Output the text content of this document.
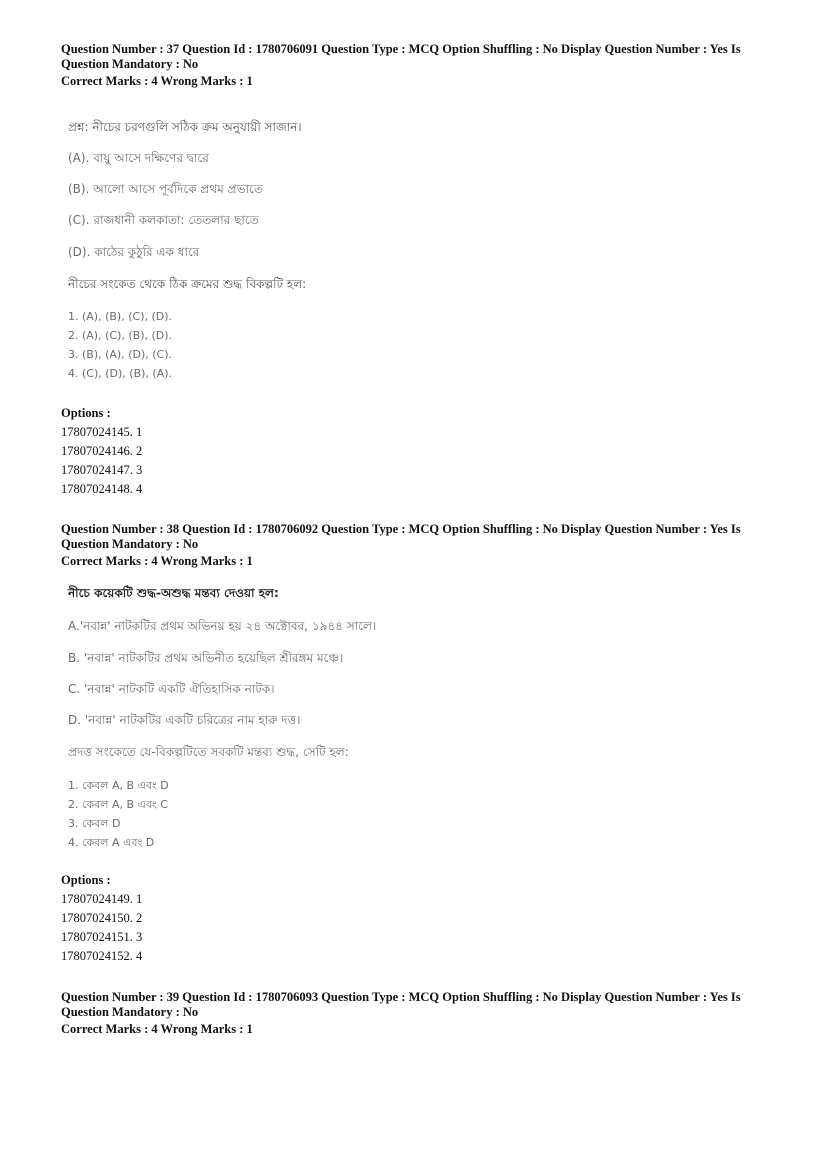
Question Number : 37 Question Id : 1780706091 Question Type : MCQ Option Shuffling : No Display Question Number : Yes Is
Question Mandatory : No
Correct Marks : 4 Wrong Marks : 1
প্রশ্ন: নীচের চরণগুলি সঠিক ক্রম অনুযায়ী সাজান।
(A). বায়ু আসে দক্ষিণের দ্বারে
(B). আলো আসে পূর্বদিকে প্রথম প্রভাতে
(C). রাজধানী কলকাতা: তেতলার ছাতে
(D). কাঠের কুঠুরি এক ধারে
নীচের সংকেত থেকে ঠিক ক্রমের শুদ্ধ বিকল্পটি হল:
1. (A), (B), (C), (D).
2. (A), (C), (B), (D).
3. (B), (A), (D), (C).
4. (C), (D), (B), (A).
Options :
17807024145. 1
17807024146. 2
17807024147. 3
17807024148. 4
Question Number : 38 Question Id : 1780706092 Question Type : MCQ Option Shuffling : No Display Question Number : Yes Is
Question Mandatory : No
Correct Marks : 4 Wrong Marks : 1
নীচে কয়েকটি শুদ্ধ-অশুদ্ধ মন্তব্য দেওয়া হল:
A.'নবান্ন' নাটকটির প্রথম অভিনয় হয় ২৪ অক্টোবর, ১৯৪৪ সালে।
B. 'নবান্ন' নাটকটির প্রথম অভিনীত হয়েছিল শ্রীরঙ্গম মঞ্চে।
C. 'নবান্ন' নাটকটি একটি ঐতিহাসিক নাটক।
D. 'নবান্ন' নাটকটির একটি চরিত্রের নাম হারু দত্ত।
প্রদত্ত সংকেতে যে-বিকল্পটিতে সবকটি মন্তব্য শুদ্ধ, সেটি হল:
1. কেবল A, B এবং D
2. কেবল A, B এবং C
3. কেবল D
4. কেবল A এবং D
Options :
17807024149. 1
17807024150. 2
17807024151. 3
17807024152. 4
Question Number : 39 Question Id : 1780706093 Question Type : MCQ Option Shuffling : No Display Question Number : Yes Is
Question Mandatory : No
Correct Marks : 4 Wrong Marks : 1
